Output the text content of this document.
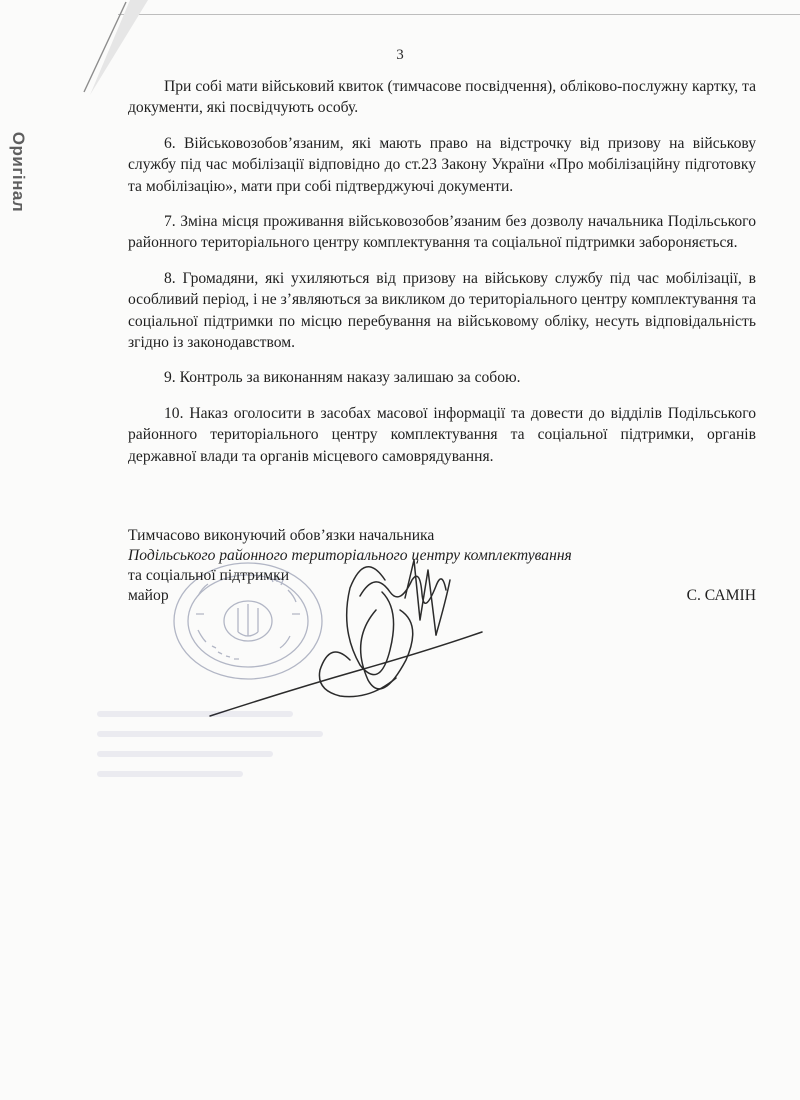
Оригінал
3

При собі мати військовий квиток (тимчасове посвідчення), обліково-послужну картку, та документи, які посвідчують особу.

6. Військовозобов’язаним, які мають право на відстрочку від призову на військову службу під час мобілізації відповідно до ст.23 Закону України «Про мобілізаційну підготовку та мобілізацію», мати при собі підтверджуючі документи.

7. Зміна місця проживання військовозобов’язаним без дозволу начальника Подільського районного територіального центру комплектування та соціальної підтримки забороняється.

8. Громадяни, які ухиляються від призову на військову службу під час мобілізації, в особливий період, і не з’являються за викликом до територіального центру комплектування та соціальної підтримки по місцю перебування на військовому обліку, несуть відповідальність згідно із законодавством.

9. Контроль за виконанням наказу залишаю за собою.

10. Наказ оголосити в засобах масової інформації та довести до відділів Подільського районного територіального центру комплектування та соціальної підтримки, органів державної влади та органів місцевого самоврядування.

Тимчасово виконуючий обов’язки начальника
Подільського районного територіального центру комплектування
та соціальної підтримки
майор	С. САМІН
